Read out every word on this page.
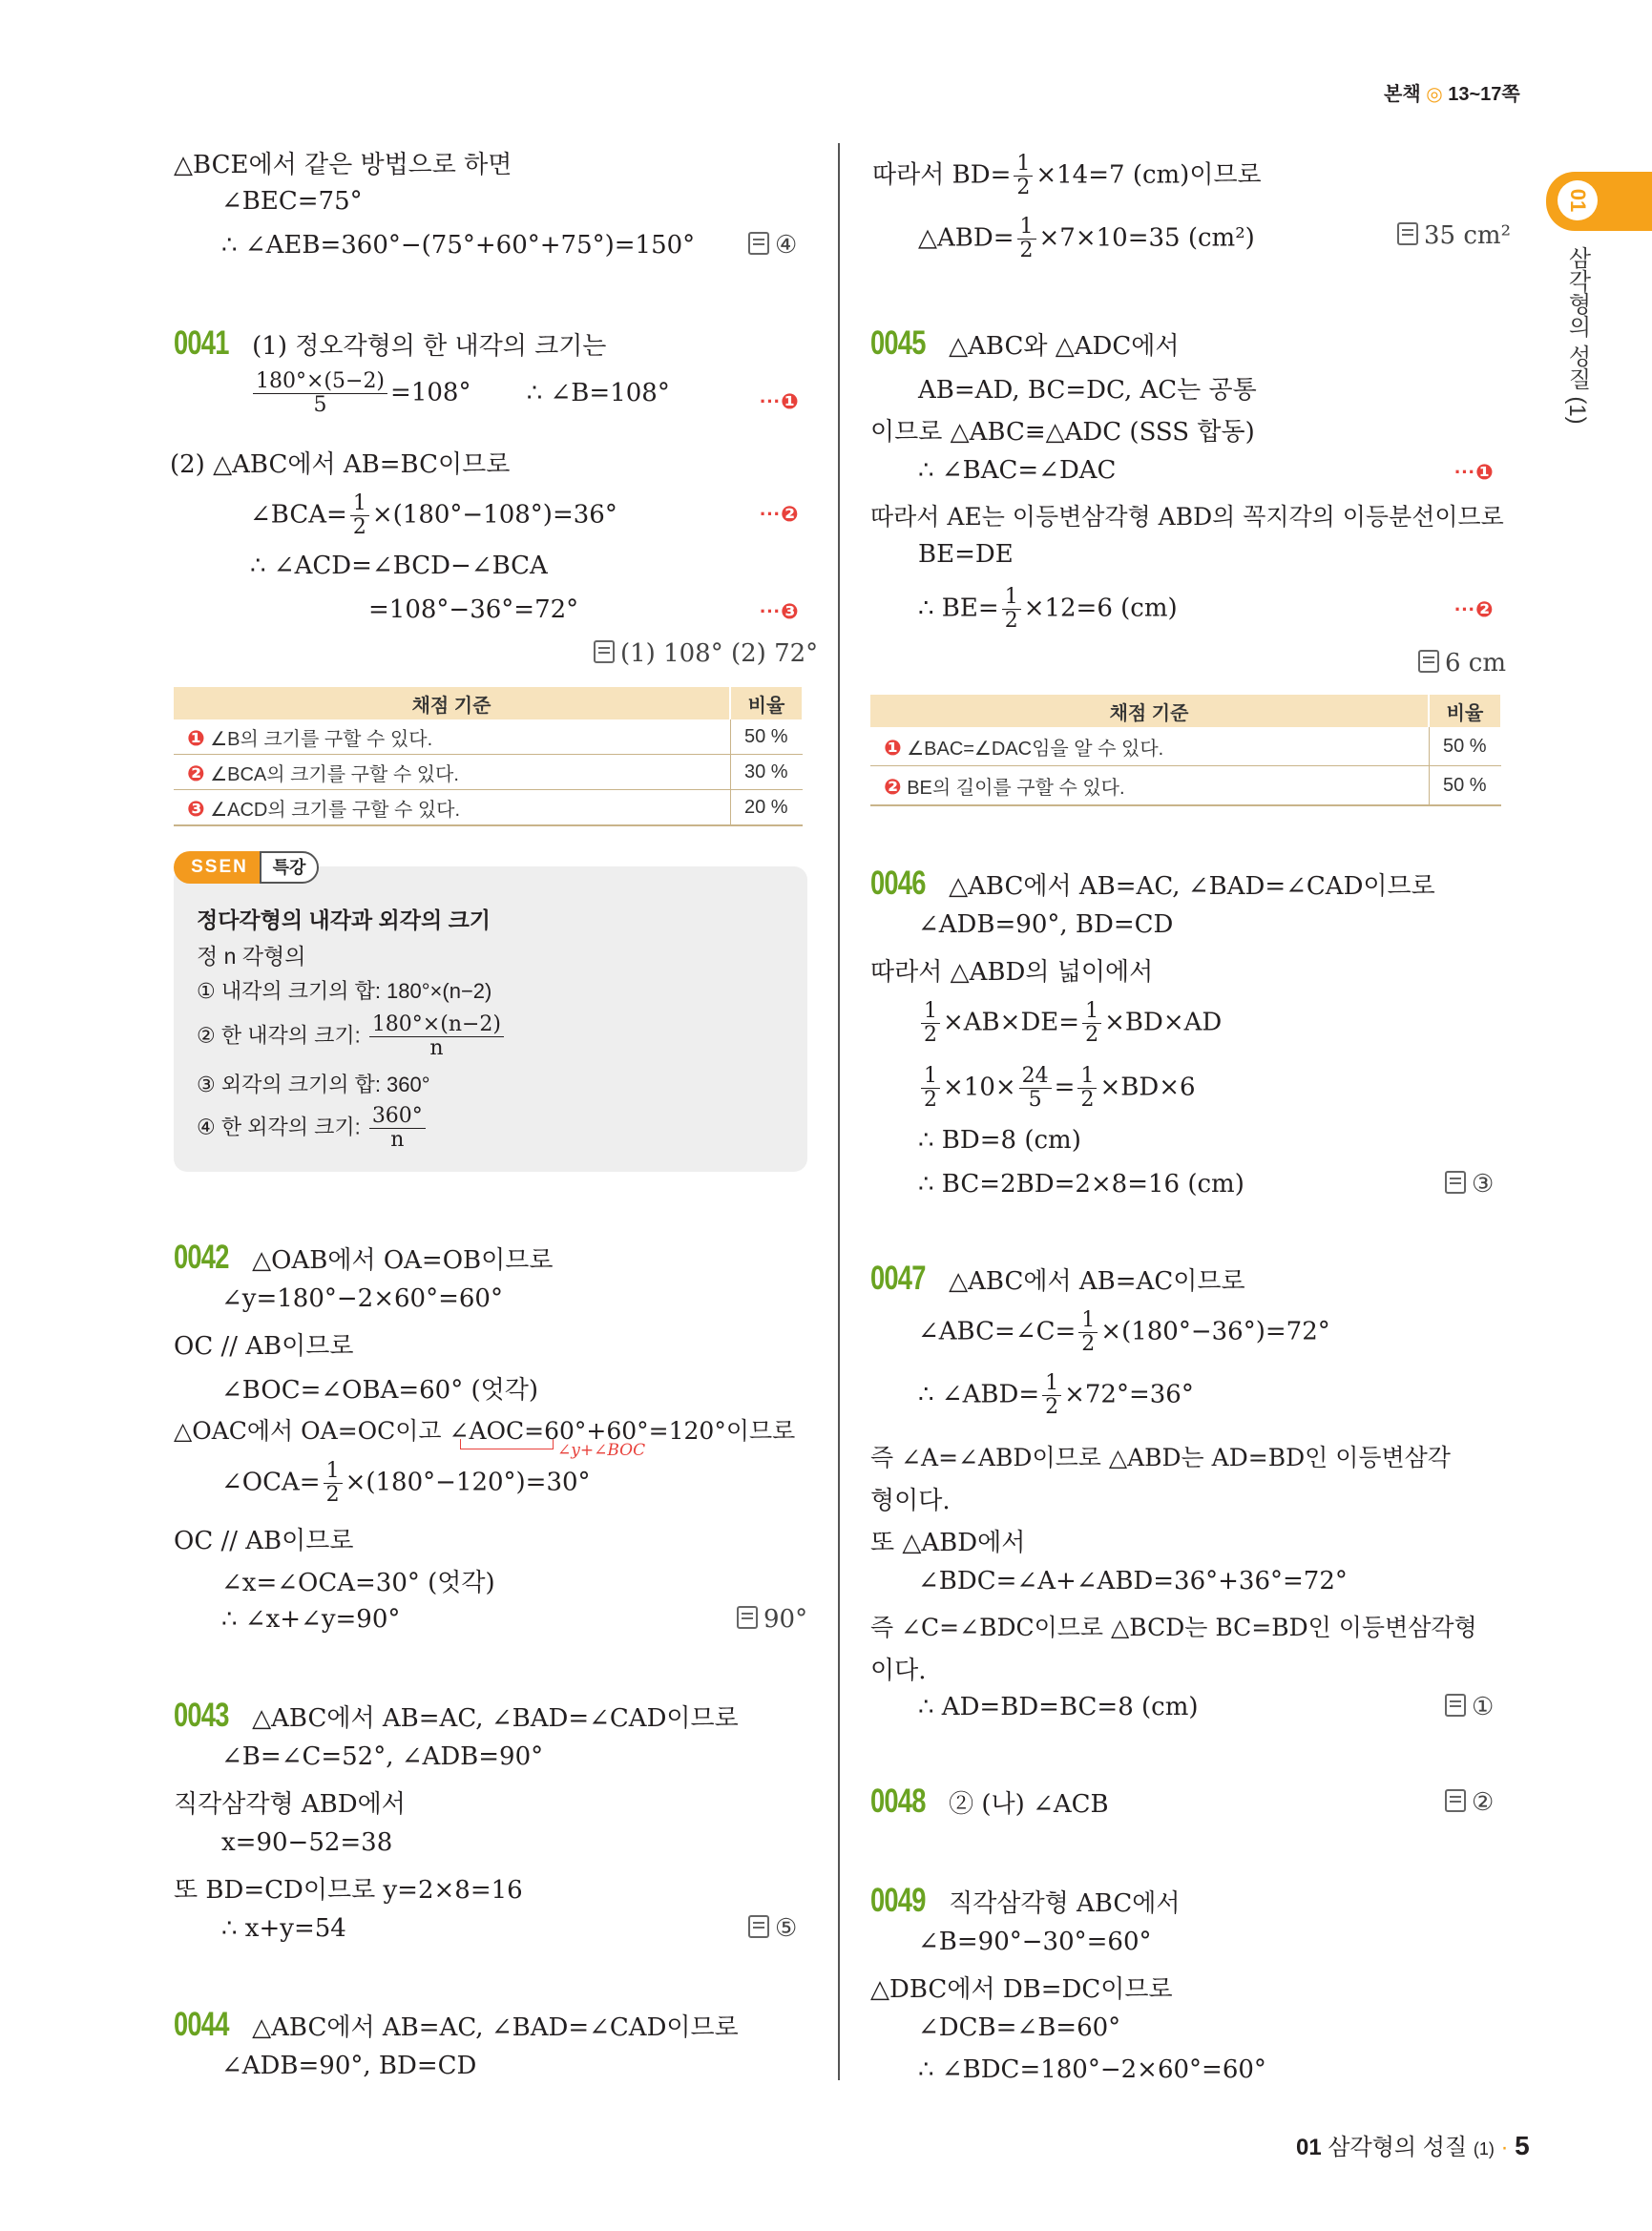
본책 ◎ 13~17쪽
01
삼각형의 성질 (1)
△BCE에서 같은 방법으로 하면
∠BEC=75°
∴ ∠AEB=360°−(75°+60°+75°)=150°	④
0041 (1) 정오각형의 한 내각의 크기는
$\frac{180^\circ\times(5-2)}{5} =108^\circ$ ∴ ∠B=108°	···❶
(2) △ABC에서 AB=BC이므로
∠BCA= $\frac{1}{2} \times(180^\circ-108^\circ)=36^\circ$	···❷
∴ ∠ACD=∠BCD−∠BCA
=108°−36°=72°	···❸
(1) 108° (2) 72°
채점 기준	비율
❶ ∠B의 크기를 구할 수 있다.	50 %
❷ ∠BCA의 크기를 구할 수 있다.	30 %
❸ ∠ACD의 크기를 구할 수 있다.	20 %
SSEN	특강
정다각형의 내각과 외각의 크기
정 n 각형의
① 내각의 크기의 합: 180°×(n−2)
② 한 내각의 크기: $\frac{180^\circ\times(n-2)}{n}$
③ 외각의 크기의 합: 360°
④ 한 외각의 크기: $\frac{360^\circ}{n}$
0042 △OAB에서 OA=OB이므로
∠y=180°−2×60°=60°
OC // AB이므로
∠BOC=∠OBA=60° (엇각)
△OAC에서 OA=OC이고 ∠AOC=60°+60°=120°이므로
∠y+∠BOC
∠OCA= $\frac{1}{2} \times(180^\circ-120^\circ)=30^\circ$
OC // AB이므로
∠x=∠OCA=30° (엇각)
∴ ∠x+∠y=90°	90°
0043 △ABC에서 AB=AC, ∠BAD=∠CAD이므로
∠B=∠C=52°, ∠ADB=90°
직각삼각형 ABD에서
x=90−52=38
또 BD=CD이므로 y=2×8=16
∴ x+y=54	⑤
0044 △ABC에서 AB=AC, ∠BAD=∠CAD이므로
∠ADB=90°, BD=CD
따라서 $BD= \frac{1}{2} \times 14=7$ (cm)이므로
△ABD= $\frac{1}{2} \times 7\times 10=35$ (cm²)	35 cm²
0045 △ABC와 △ADC에서
AB=AD, BC=DC, AC는 공통
이므로 △ABC≡△ADC (SSS 합동)
∴ ∠BAC=∠DAC	···❶
따라서 AE는 이등변삼각형 ABD의 꼭지각의 이등분선이므로
BE=DE
∴ $BE= \frac{1}{2} \times 12=6$ (cm)	···❷
6 cm
채점 기준	비율
❶ ∠BAC=∠DAC임을 알 수 있다.	50 %
❷ BE의 길이를 구할 수 있다.	50 %
0046 △ABC에서 AB=AC, ∠BAD=∠CAD이므로
∠ADB=90°, BD=CD
따라서 △ABD의 넓이에서
$\frac{1}{2} \times AB\times DE= \frac{1}{2} \times BD\times AD$
$\frac{1}{2} \times 10\times \frac{24}{5} = \frac{1}{2} \times BD\times 6$
∴ BD=8 (cm)
∴ BC=2BD=2×8=16 (cm)	③
0047 △ABC에서 AB=AC이므로
∠ABC=∠C= $\frac{1}{2} \times(180^\circ-36^\circ)=72^\circ$
∴ ∠ABD= $\frac{1}{2} \times 72^\circ=36^\circ$
즉 ∠A=∠ABD이므로 △ABD는 AD=BD인 이등변삼각
형이다.
또 △ABD에서
∠BDC=∠A+∠ABD=36°+36°=72°
즉 ∠C=∠BDC이므로 △BCD는 BC=BD인 이등변삼각형
이다.
∴ AD=BD=BC=8 (cm)	①
0048 ② (나) ∠ACB	②
0049 직각삼각형 ABC에서
∠B=90°−30°=60°
△DBC에서 DB=DC이므로
∠DCB=∠B=60°
∴ ∠BDC=180°−2×60°=60°
01 삼각형의 성질 (1) · 5
